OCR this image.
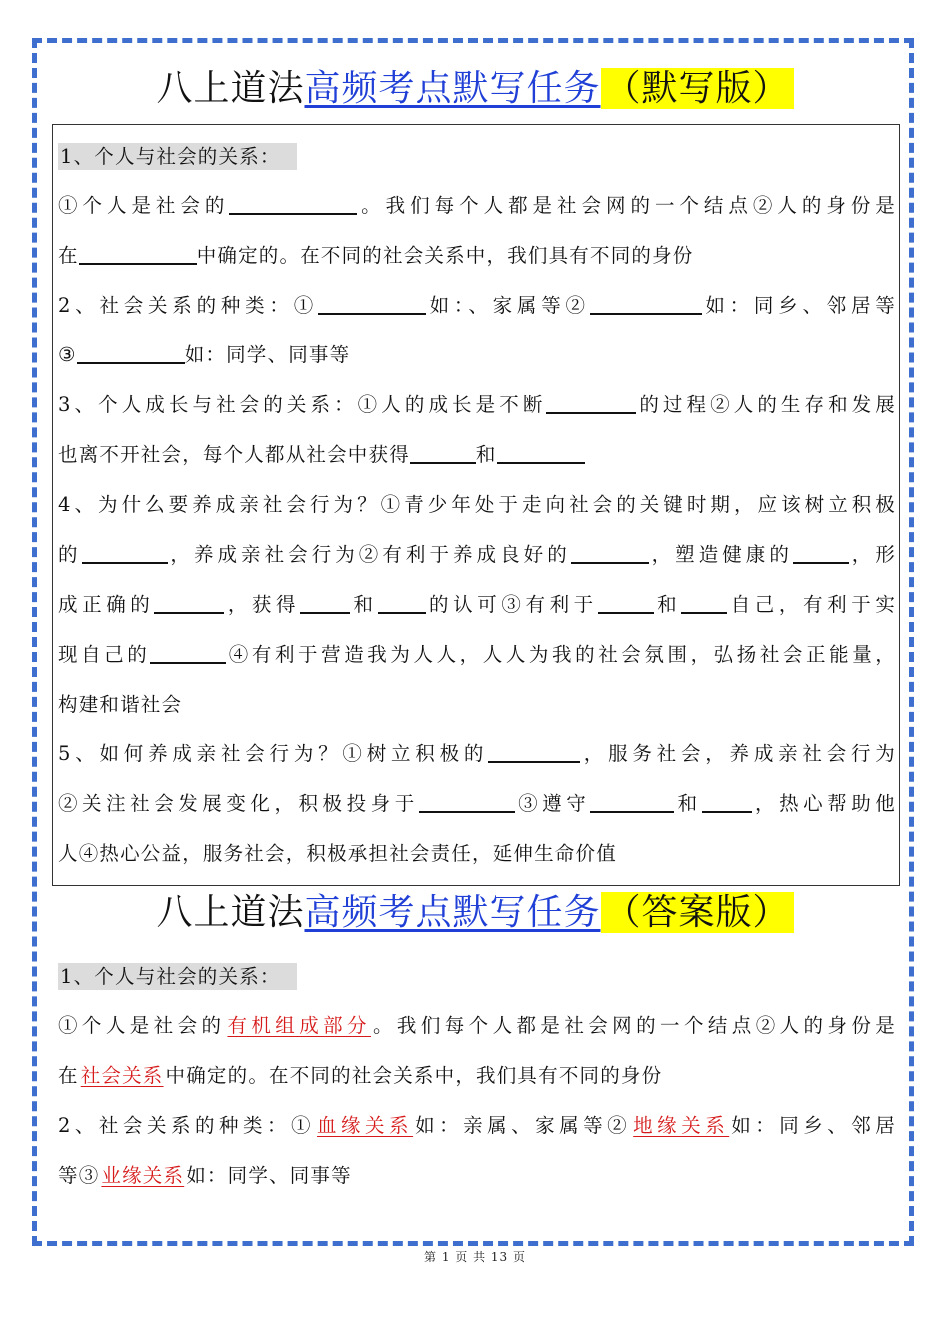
八上道法高频考点默写任务 （默写版）
1、个人与社会的关系：
①个人是社会的	。我们每个人都是社会网的一个结点②人的身份是
在	中确定的。在不同的社会关系中，我们具有不同的身份
2、社会关系的种类：①	如：、家属等②	如：同乡、邻居等
③	如：同学、同事等
3、个人成长与社会的关系：①人的成长是不断	的过程②人的生存和发展
也离不开社会，每个人都从社会中获得	和
4、为什么要养成亲社会行为？①青少年处于走向社会的关键时期，应该树立积极
的	，养成亲社会行为②有利于养成良好的	，塑造健康的	，形
成正确的	，获得	和 的认可③有利于	和 自己，有利于实
现自己的	④有利于营造我为人人，人人为我的社会氛围，弘扬社会正能量，
构建和谐社会
5、如何养成亲社会行为？①树立积极的	，服务社会，养成亲社会行为
②关注社会发展变化，积极投身于	③遵守	和	，热心帮助他
人④热心公益，服务社会，积极承担社会责任，延伸生命价值
八上道法高频考点默写任务 （答案版）
1、个人与社会的关系：
①个人是社会的 有机组成部分 。我们每个人都是社会网的一个结点②人的身份是
在 社会关系 中确定的。在不同的社会关系中，我们具有不同的身份
2、社会关系的种类：① 血缘关系 如：亲属、家属等② 地缘关系 如：同乡、邻居
等③ 业缘关系 如：同学、同事等
第 1 页 共 13 页
